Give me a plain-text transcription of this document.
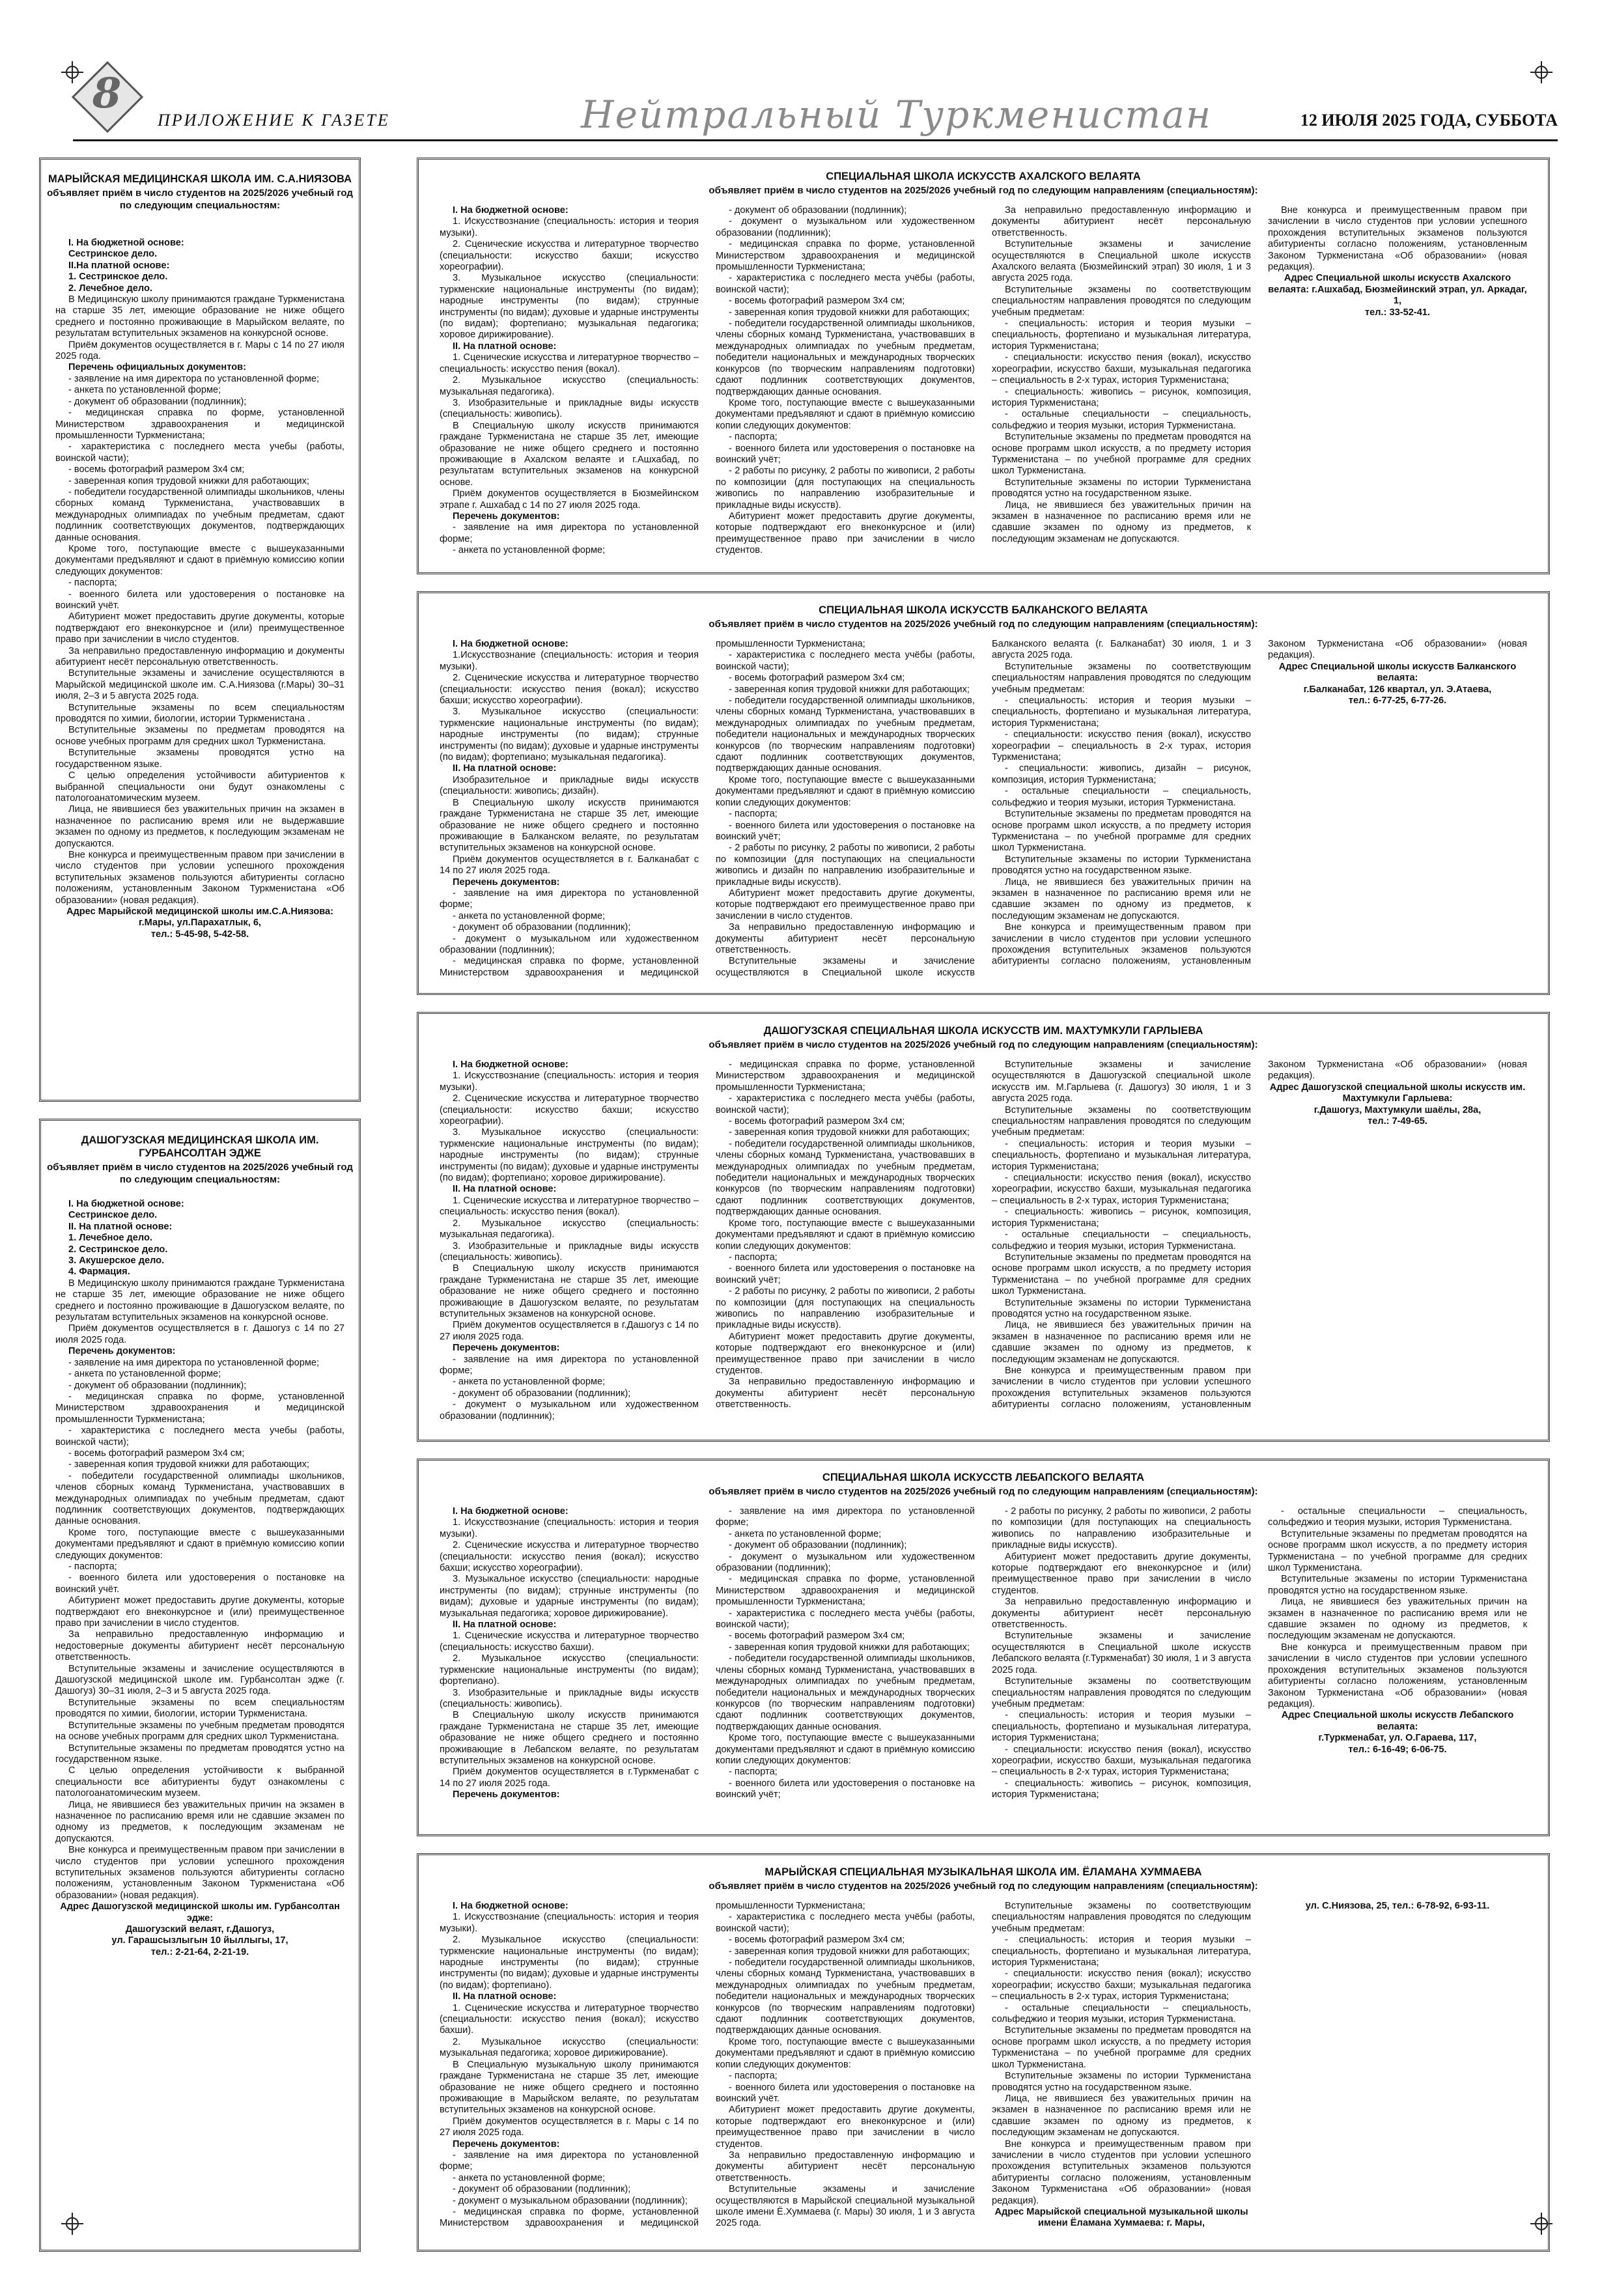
8
ПРИЛОЖЕНИЕ К ГАЗЕТЕ	Нейтральный Туркменистан	12 ИЮЛЯ 2025 ГОДА, СУББОТА
МАРЫЙСКАЯ МЕДИЦИНСКАЯ ШКОЛА ИМ. С.А.НИЯЗОВА
объявляет приём в число студентов на 2025/2026 учебный год по следующим специальностям:

I. На бюджетной основе:

Сестринское дело.

II.На платной основе:

1. Сестринское дело.

2. Лечебное дело.

В Медицинскую школу принимаются граждане Туркменистана на старше 35 лет, имеющие образование не ниже общего среднего и постоянно проживающие в Марыйском велаяте, по результатам вступительных экзаменов на конкурсной основе.

Приём документов осуществляется в г. Мары с 14 по 27 июля 2025 года.

Перечень официальных документов:

- заявление на имя директора по установленной форме;

- анкета по установленной форме;

- документ об образовании (подлинник);

- медицинская справка по форме, установленной Министерством здравоохранения и медицинской промышленности Туркменистана;

- характеристика с последнего места учебы (работы, воинской части);

- восемь фотографий размером 3х4 см;

- заверенная копия трудовой книжки для работающих;

- победители государственной олимпиады школьников, члены сборных команд Туркменистана, участвовавших в международных олимпиадах по учебным предметам, сдают подлинник соответствующих документов, подтверждающих данные основания.

Кроме того, поступающие вместе с вышеуказанными документами предъявляют и сдают в приёмную комиссию копии следующих документов:

- паспорта;

- военного билета или удостоверения о постановке на воинский учёт.

Абитуриент может предоставить другие документы, которые подтверждают его внеконкурсное и (или) преимущественное право при зачислении в число студентов.

За неправильно предоставленную информацию и документы абитуриент несёт персональную ответственность.

Вступительные экзамены и зачисление осуществляются в Марыйской медицинской школе им. С.А.Ниязова (г.Мары) 30–31 июля, 2–3 и 5 августа 2025 года.

Вступительные экзамены по всем специальностям проводятся по химии, биологии, истории Туркменистана .

Вступительные экзамены по предметам проводятся на основе учебных программ для средних школ Туркменистана.

Вступительные экзамены проводятся устно на государственном языке.

С целью определения устойчивости абитуриентов к выбранной специальности они будут ознакомлены с патологоанатомическим музеем.

Лица, не явившиеся без уважительных причин на экзамен в назначенное по расписанию время или не выдержавшие экзамен по одному из предметов, к последующим экзаменам не допускаются.

Вне конкурса и преимущественным правом при зачислении в число студентов при условии успешного прохождения вступительных экзаменов пользуются абитуриенты согласно положениям, установленным Законом Туркменистана «Об образовании» (новая редакция).

Адрес Марыйской медицинской школы им.С.А.Ниязова:

г.Мары, ул.Парахатлык, 6,

тел.: 5-45-98, 5-42-58.

ДАШОГУЗСКАЯ МЕДИЦИНСКАЯ ШКОЛА ИМ. ГУРБАНСОЛТАН ЭДЖЕ
объявляет приём в число студентов на 2025/2026 учебный год по следующим специальностям:

I. На бюджетной основе:

Сестринское дело.

II. На платной основе:

1. Лечебное дело.

2. Сестринское дело.

3. Акушерское дело.

4. Фармация.

В Медицинскую школу принимаются граждане Туркменистана не старше 35 лет, имеющие образование не ниже общего среднего и постоянно проживающие в Дашогузском велаяте, по результатам вступительных экзаменов на конкурсной основе.

Приём документов осуществляется в г. Дашогуз с 14 по 27 июля 2025 года.

Перечень документов:

- заявление на имя директора по установленной форме;

- анкета по установленной форме;

- документ об образовании (подлинник);

- медицинская справка по форме, установленной Министерством здравоохранения и медицинской промышленности Туркменистана;

- характеристика с последнего места учебы (работы, воинской части);

- восемь фотографий размером 3х4 см;

- заверенная копия трудовой книжки для работающих;

- победители государственной олимпиады школьников, членов сборных команд Туркменистана, участвовавших в международных олимпиадах по учебным предметам, сдают подлинник соответствующих документов, подтверждающих данные основания.

Кроме того, поступающие вместе с вышеуказанными документами предъявляют и сдают в приёмную комиссию копии следующих документов:

- паспорта;

- военного билета или удостоверения о постановке на воинский учёт.

Абитуриент может предоставить другие документы, которые подтверждают его внеконкурсное и (или) преимущественное право при зачислении в число студентов.

За неправильно предоставленную информацию и недостоверные документы абитуриент несёт персональную ответственность.

Вступительные экзамены и зачисление осуществляются в Дашогузской медицинской школе им. Гурбансолтан эдже (г. Дашогуз) 30–31 июля, 2–3 и 5 августа 2025 года.

Вступительные экзамены по всем специальностям проводятся по химии, биологии, истории Туркменистана.

Вступительные экзамены по учебным предметам проводятся на основе учебных программ для средних школ Туркменистана.

Вступительные экзамены по предметам проводятся устно на государственном языке.

С целью определения устойчивости к выбранной специальности все абитуриенты будут ознакомлены с патологоанатомическим музеем.

Лица, не явившиеся без уважительных причин на экзамен в назначенное по расписанию время или не сдавшие экзамен по одному из предметов, к последующим экзаменам не допускаются.

Вне конкурса и преимущественным правом при зачислении в число студентов при условии успешного прохождения вступительных экзаменов пользуются абитуриенты согласно положениям, установленным Законом Туркменистана «Об образовании» (новая редакция).

Адрес Дашогузской медицинской школы им. Гурбансолтан эдже:

Дашогузский велаят, г.Дашогуз,

ул. Гарашсызлыгын 10 йыллыгы, 17,

тел.: 2-21-64, 2-21-19.

СПЕЦИАЛЬНАЯ ШКОЛА ИСКУССТВ АХАЛСКОГО ВЕЛАЯТА
объявляет приём в число студентов на 2025/2026 учебный год по следующим направлениям (специальностям):

I. На бюджетной основе:

1. Искусствознание (специальность: история и теория музыки).

2. Сценические искусства и литературное творчество (специальности: искусство бахши; искусство хореографии).

3. Музыкальное искусство (специальности: туркменские национальные инструменты (по видам); народные инструменты (по видам); струнные инструменты (по видам); духовые и ударные инструменты (по видам); фортепиано; музыкальная педагогика; хоровое дирижирование).

II. На платной основе:

1. Сценические искусства и литературное творчество – специальность: искусство пения (вокал).

2. Музыкальное искусство (специальность: музыкальная педагогика).

3. Изобразительные и прикладные виды искусств (специальность: живопись).

В Специальную школу искусств принимаются граждане Туркменистана не старше 35 лет, имеющие образование не ниже общего среднего и постоянно проживающие в Ахалском велаяте и г.Ашхабад, по результатам вступительных экзаменов на конкурсной основе.

Приём документов осуществляется в Бюзмейинском этрапе г. Ашхабад с 14 по 27 июля 2025 года.

Перечень документов:

- заявление на имя директора по установленной форме;

- анкета по установленной форме;

- документ об образовании (подлинник);

- документ о музыкальном или художественном образовании (подлинник);

- медицинская справка по форме, установленной Министерством здравоохранения и медицинской промышленности Туркменистана;

- характеристика с последнего места учёбы (работы, воинской части);

- восемь фотографий размером 3х4 см;

- заверенная копия трудовой книжки для работающих;

- победители государственной олимпиады школьников, члены сборных команд Туркменистана, участвовавших в международных олимпиадах по учебным предметам, победители национальных и международных творческих конкурсов (по творческим направлениям подготовки) сдают подлинник соответствующих документов, подтверждающих данные основания.

Кроме того, поступающие вместе с вышеуказанными документами предъявляют и сдают в приёмную комиссию копии следующих документов:

- паспорта;

- военного билета или удостоверения о постановке на воинский учёт;

- 2 работы по рисунку, 2 работы по живописи, 2 работы по композиции (для поступающих на специальность живопись по направлению изобразительные и прикладные виды искусств).

Абитуриент может предоставить другие документы, которые подтверждают его внеконкурсное и (или) преимущественное право при зачислении в число студентов.

За неправильно предоставленную информацию и документы абитуриент несёт персональную ответственность.

Вступительные экзамены и зачисление осуществляются в Специальной школе искусств Ахалского велаята (Бюзмейинский этрап) 30 июля, 1 и 3 августа 2025 года.

Вступительные экзамены по соответствующим специальностям направления проводятся по следующим учебным предметам:

- специальность: история и теория музыки – специальность, фортепиано и музыкальная литература, история Туркменистана;

- специальности: искусство пения (вокал), искусство хореографии, искусство бахши, музыкальная педагогика – специальность в 2-х турах, история Туркменистана;

- специальность: живопись – рисунок, композиция, история Туркменистана;

- остальные специальности – специальность, сольфеджио и теория музыки, история Туркменистана.

Вступительные экзамены по предметам проводятся на основе программ школ искусств, а по предмету история Туркменистана – по учебной программе для средних школ Туркменистана.

Вступительные экзамены по истории Туркменистана проводятся устно на государственном языке.

Лица, не явившиеся без уважительных причин на экзамен в назначенное по расписанию время или не сдавшие экзамен по одному из предметов, к последующим экзаменам не допускаются.

Вне конкурса и преимущественным правом при зачислении в число студентов при условии успешного прохождения вступительных экзаменов пользуются абитуриенты согласно положениям, установленным Законом Туркменистана «Об образовании» (новая редакция).

Адрес Специальной школы искусств Ахалского велаята: г.Ашхабад, Бюзмейинский этрап, ул. Аркадаг, 1,

тел.: 33-52-41.

СПЕЦИАЛЬНАЯ ШКОЛА ИСКУССТВ БАЛКАНСКОГО ВЕЛАЯТА
объявляет приём в число студентов на 2025/2026 учебный год по следующим направлениям (специальностям):

I. На бюджетной основе:

1.Искусствознание (специальность: история и теория музыки).

2. Сценические искусства и литературное творчество (специальности: искусство пения (вокал); искусство бахши; искусство хореографии).

3. Музыкальное искусство (специальности: туркменские национальные инструменты (по видам); народные инструменты (по видам); струнные инструменты (по видам); духовые и ударные инструменты (по видам); фортепиано; музыкальная педагогика).

II. На платной основе:

Изобразительное и прикладные виды искусств (специальности: живопись; дизайн).

В Специальную школу искусств принимаются граждане Туркменистана не старше 35 лет, имеющие образование не ниже общего среднего и постоянно проживающие в Балканском велаяте, по результатам вступительных экзаменов на конкурсной основе.

Приём документов осуществляется в г. Балканабат с 14 по 27 июля 2025 года.

Перечень документов:

- заявление на имя директора по установленной форме;

- анкета по установленной форме;

- документ об образовании (подлинник);

- документ о музыкальном или художественном образовании (подлинник);

- медицинская справка по форме, установленной Министерством здравоохранения и медицинской промышленности Туркменистана;

- характеристика с последнего места учёбы (работы, воинской части);

- восемь фотографий размером 3х4 см;

- заверенная копия трудовой книжки для работающих;

- победители государственной олимпиады школьников, члены сборных команд Туркменистана, участвовавших в международных олимпиадах по учебным предметам, победители национальных и международных творческих конкурсов (по творческим направлениям подготовки) сдают подлинник соответствующих документов, подтверждающих данные основания.

Кроме того, поступающие вместе с вышеуказанными документами предъявляют и сдают в приёмную комиссию копии следующих документов:

- паспорта;

- военного билета или удостоверения о постановке на воинский учёт;

- 2 работы по рисунку, 2 работы по живописи, 2 работы по композиции (для поступающих на специальности живопись и дизайн по направлению изобразительные и прикладные виды искусств).

Абитуриент может предоставить другие документы, которые подтверждают его преимущественное право при зачислении в число студентов.

За неправильно предоставленную информацию и документы абитуриент несёт персональную ответственность.

Вступительные экзамены и зачисление осуществляются в Специальной школе искусств Балканского велаята (г. Балканабат) 30 июля, 1 и 3 августа 2025 года.

Вступительные экзамены по соответствующим специальностям направления проводятся по следующим учебным предметам:

- специальность: история и теория музыки – специальность, фортепиано и музыкальная литература, история Туркменистана;

- специальности: искусство пения (вокал), искусство хореографии – специальность в 2-х турах, история Туркменистана;

- специальности: живопись, дизайн – рисунок, композиция, история Туркменистана;

- остальные специальности – специальность, сольфеджио и теория музыки, история Туркменистана.

Вступительные экзамены по предметам проводятся на основе программ школ искусств, а по предмету история Туркменистана – по учебной программе для средних школ Туркменистана.

Вступительные экзамены по истории Туркменистана проводятся устно на государственном языке.

Лица, не явившиеся без уважительных причин на экзамен в назначенное по расписанию время или не сдавшие экзамен по одному из предметов, к последующим экзаменам не допускаются.

Вне конкурса и преимущественным правом при зачислении в число студентов при условии успешного прохождения вступительных экзаменов пользуются абитуриенты согласно положениям, установленным Законом Туркменистана «Об образовании» (новая редакция).

Адрес Специальной школы искусств Балканского велаята:

г.Балканабат, 126 квартал, ул. Э.Атаева,

тел.: 6-77-25, 6-77-26.

ДАШОГУЗСКАЯ СПЕЦИАЛЬНАЯ ШКОЛА ИСКУССТВ ИМ. МАХТУМКУЛИ ГАРЛЫЕВА
объявляет приём в число студентов на 2025/2026 учебный год по следующим направлениям (специальностям):

I. На бюджетной основе:

1. Искусствознание (специальность: история и теория музыки).

2. Сценические искусства и литературное творчество (специальности: искусство бахши; искусство хореографии).

3. Музыкальное искусство (специальности: туркменские национальные инструменты (по видам); народные инструменты (по видам); струнные инструменты (по видам); духовые и ударные инструменты (по видам); фортепиано; хоровое дирижирование).

II. На платной основе:

1. Сценические искусства и литературное творчество – специальность: искусство пения (вокал).

2. Музыкальное искусство (специальность: музыкальная педагогика).

3. Изобразительные и прикладные виды искусств (специальность: живопись).

В Специальную школу искусств принимаются граждане Туркменистана не старше 35 лет, имеющие образование не ниже общего среднего и постоянно проживающие в Дашогузском велаяте, по результатам вступительных экзаменов на конкурсной основе.

Приём документов осуществляется в г.Дашогуз с 14 по 27 июля 2025 года.

Перечень документов:

- заявление на имя директора по установленной форме;

- анкета по установленной форме;

- документ об образовании (подлинник);

- документ о музыкальном или художественном образовании (подлинник);

- медицинская справка по форме, установленной Министерством здравоохранения и медицинской промышленности Туркменистана;

- характеристика с последнего места учёбы (работы, воинской части);

- восемь фотографий размером 3х4 см;

- заверенная копия трудовой книжки для работающих;

- победители государственной олимпиады школьников, члены сборных команд Туркменистана, участвовавших в международных олимпиадах по учебным предметам, победители национальных и международных творческих конкурсов (по творческим направлениям подготовки) сдают подлинник соответствующих документов, подтверждающих данные основания.

Кроме того, поступающие вместе с вышеуказанными документами предъявляют и сдают в приёмную комиссию копии следующих документов:

- паспорта;

- военного билета или удостоверения о постановке на воинский учёт;

- 2 работы по рисунку, 2 работы по живописи, 2 работы по композиции (для поступающих на специальность живопись по направлению изобразительные и прикладные виды искусств).

Абитуриент может предоставить другие документы, которые подтверждают его внеконкурсное и (или) преимущественное право при зачислении в число студентов.

За неправильно предоставленную информацию и документы абитуриент несёт персональную ответственность.

Вступительные экзамены и зачисление осуществляются в Дашогузской специальной школе искусств им. М.Гарлыева (г. Дашогуз) 30 июля, 1 и 3 августа 2025 года.

Вступительные экзамены по соответствующим специальностям направления проводятся по следующим учебным предметам:

- специальность: история и теория музыки – специальность, фортепиано и музыкальная литература, история Туркменистана;

- специальности: искусство пения (вокал), искусство хореографии, искусство бахши, музыкальная педагогика – специальность в 2-х турах, история Туркменистана;

- специальность: живопись – рисунок, композиция, история Туркменистана;

- остальные специальности – специальность, сольфеджио и теория музыки, история Туркменистана.

Вступительные экзамены по предметам проводятся на основе программ школ искусств, а по предмету история Туркменистана – по учебной программе для средних школ Туркменистана.

Вступительные экзамены по истории Туркменистана проводятся устно на государственном языке.

Лица, не явившиеся без уважительных причин на экзамен в назначенное по расписанию время или не сдавшие экзамен по одному из предметов, к последующим экзаменам не допускаются.

Вне конкурса и преимущественным правом при зачислении в число студентов при условии успешного прохождения вступительных экзаменов пользуются абитуриенты согласно положениям, установленным Законом Туркменистана «Об образовании» (новая редакция).

Адрес Дашогузской специальной школы искусств им. Махтумкули Гарлыева:

г.Дашогуз, Махтумкули шаёлы, 28а,

тел.: 7-49-65.

СПЕЦИАЛЬНАЯ ШКОЛА ИСКУССТВ ЛЕБАПСКОГО ВЕЛАЯТА
объявляет приём в число студентов на 2025/2026 учебный год по следующим направлениям (специальностям):

I. На бюджетной основе:

1. Искусствознание (специальность: история и теория музыки).

2. Сценические искусства и литературное творчество (специальности: искусство пения (вокал); искусство бахши; искусство хореографии).

3. Музыкальное искусство (специальности: народные инструменты (по видам); струнные инструменты (по видам); духовые и ударные инструменты (по видам); музыкальная педагогика; хоровое дирижирование).

II. На платной основе:

1. Сценические искусства и литературное творчество (специальность: искусство бахши).

2. Музыкальное искусство (специальности: туркменские национальные инструменты (по видам); фортепиано).

3. Изобразительные и прикладные виды искусств (специальность: живопись).

В Специальную школу искусств принимаются граждане Туркменистана не старше 35 лет, имеющие образование не ниже общего среднего и постоянно проживающие в Лебапском велаяте, по результатам вступительных экзаменов на конкурсной основе.

Приём документов осуществляется в г.Туркменабат с 14 по 27 июля 2025 года.

Перечень документов:

- заявление на имя директора по установленной форме;

- анкета по установленной форме;

- документ об образовании (подлинник);

- документ о музыкальном или художественном образовании (подлинник);

- медицинская справка по форме, установленной Министерством здравоохранения и медицинской промышленности Туркменистана;

- характеристика с последнего места учёбы (работы, воинской части);

- восемь фотографий размером 3х4 см;

- заверенная копия трудовой книжки для работающих;

- победители государственной олимпиады школьников, члены сборных команд Туркменистана, участвовавших в международных олимпиадах по учебным предметам, победители национальных и международных творческих конкурсов (по творческим направлениям подготовки) сдают подлинник соответствующих документов, подтверждающих данные основания.

Кроме того, поступающие вместе с вышеуказанными документами предъявляют и сдают в приёмную комиссию копии следующих документов:

- паспорта;

- военного билета или удостоверения о постановке на воинский учёт;

- 2 работы по рисунку, 2 работы по живописи, 2 работы по композиции (для поступающих на специальность живопись по направлению изобразительные и прикладные виды искусств).

Абитуриент может предоставить другие документы, которые подтверждают его внеконкурсное и (или) преимущественное право при зачислении в число студентов.

За неправильно предоставленную информацию и документы абитуриент несёт персональную ответственность.

Вступительные экзамены и зачисление осуществляются в Специальной школе искусств Лебапского велаята (г.Туркменабат) 30 июля, 1 и 3 августа 2025 года.

Вступительные экзамены по соответствующим специальностям направления проводятся по следующим учебным предметам:

- специальность: история и теория музыки – специальность, фортепиано и музыкальная литература, история Туркменистана;

- специальности: искусство пения (вокал), искусство хореографии, искусство бахши, музыкальная педагогика – специальность в 2-х турах, история Туркменистана;

- специальность: живопись – рисунок, композиция, история Туркменистана;

- остальные специальности – специальность, сольфеджио и теория музыки, история Туркменистана.

Вступительные экзамены по предметам проводятся на основе программ школ искусств, а по предмету история Туркменистана – по учебной программе для средних школ Туркменистана.

Вступительные экзамены по истории Туркменистана проводятся устно на государственном языке.

Лица, не явившиеся без уважительных причин на экзамен в назначенное по расписанию время или не сдавшие экзамен по одному из предметов, к последующим экзаменам не допускаются.

Вне конкурса и преимущественным правом при зачислении в число студентов при условии успешного прохождения вступительных экзаменов пользуются абитуриенты согласно положениям, установленным Законом Туркменистана «Об образовании» (новая редакция).

Адрес Специальной школы искусств Лебапского велаята:

г.Туркменабат, ул. О.Гараева, 117,

тел.: 6-16-49; 6-06-75.

МАРЫЙСКАЯ СПЕЦИАЛЬНАЯ МУЗЫКАЛЬНАЯ ШКОЛА ИМ. ЁЛАМАНА ХУММАЕВА
объявляет приём в число студентов на 2025/2026 учебный год по следующим направлениям (специальностям):

I. На бюджетной основе:

1. Искусствознание (специальность: история и теория музыки).

2. Музыкальное искусство (специальности: туркменские национальные инструменты (по видам); народные инструменты (по видам); струнные инструменты (по видам); духовые и ударные инструменты (по видам); фортепиано).

II. На платной основе:

1. Сценические искусства и литературное творчество (специальности: искусство пения (вокал); искусство бахши).

2. Музыкальное искусство (специальности: музыкальная педагогика; хоровое дирижирование).

В Специальную музыкальную школу принимаются граждане Туркменистана не старше 35 лет, имеющие образование не ниже общего среднего и постоянно проживающие в Марыйском велаяте, по результатам вступительных экзаменов на конкурсной основе.

Приём документов осуществляется в г. Мары с 14 по 27 июля 2025 года.

Перечень документов:

- заявление на имя директора по установленной форме;

- анкета по установленной форме;

- документ об образовании (подлинник);

- документ о музыкальном образовании (подлинник);

- медицинская справка по форме, установленной Министерством здравоохранения и медицинской промышленности Туркменистана;

- характеристика с последнего места учёбы (работы, воинской части);

- восемь фотографий размером 3х4 см;

- заверенная копия трудовой книжки для работающих;

- победители государственной олимпиады школьников, члены сборных команд Туркменистана, участвовавших в международных олимпиадах по учебным предметам, победители национальных и международных творческих конкурсов (по творческим направлениям подготовки) сдают подлинник соответствующих документов, подтверждающих данные основания.

Кроме того, поступающие вместе с вышеуказанными документами предъявляют и сдают в приёмную комиссию копии следующих документов:

- паспорта;

- военного билета или удостоверения о постановке на воинский учёт.

Абитуриент может предоставить другие документы, которые подтверждают его внеконкурсное и (или) преимущественное право при зачислении в число студентов.

За неправильно предоставленную информацию и документы абитуриент несёт персональную ответственность.

Вступительные экзамены и зачисление осуществляются в Марыйской специальной музыкальной школе имени Ё.Хуммаева (г. Мары) 30 июля, 1 и 3 августа 2025 года.

Вступительные экзамены по соответствующим специальностям направления проводятся по следующим учебным предметам:

- специальность: история и теория музыки – специальность, фортепиано и музыкальная литература, история Туркменистана;

- специальности: искусство пения (вокал); искусство хореографии; искусство бахши; музыкальная педагогика – специальность в 2-х турах, история Туркменистана;

- остальные специальности – специальность, сольфеджио и теория музыки, история Туркменистана.

Вступительные экзамены по предметам проводятся на основе программ школ искусств, а по предмету история Туркменистана – по учебной программе для средних школ Туркменистана.

Вступительные экзамены по истории Туркменистана проводятся устно на государственном языке.

Лица, не явившиеся без уважительных причин на экзамен в назначенное по расписанию время или не сдавшие экзамен по одному из предметов, к последующим экзаменам не допускаются.

Вне конкурса и преимущественным правом при зачислении в число студентов при условии успешного прохождения вступительных экзаменов пользуются абитуриенты согласно положениям, установленным Законом Туркменистана «Об образовании» (новая редакция).

Адрес Марыйской специальной музыкальной школы имени Ёламана Хуммаева: г. Мары,

ул. С.Ниязова, 25, тел.: 6-78-92, 6-93-11.
